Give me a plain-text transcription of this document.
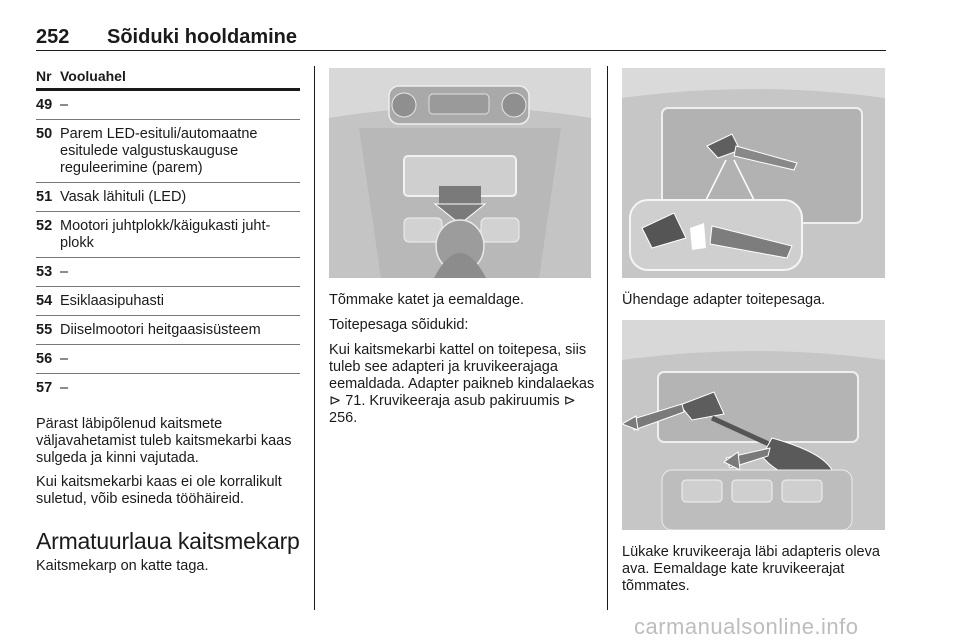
252 Sõiduki hooldamine
Nr Vooluahel
49 –
50 Parem LED-esituli/automaatne esitulede valgustuskauguse reguleerimine (parem)
51 Vasak lähituli (LED)
52 Mootori juhtplokk/käigukasti juht-plokk
53 –
54 Esiklaasipuhasti
55 Diiselmootori heitgaasisüsteem
56 –
57 –

Pärast läbipõlenud kaitsmete väljavahetamist tuleb kaitsmekarbi kaas sulgeda ja kinni vajutada.

Kui kaitsmekarbi kaas ei ole korralikult suletud, võib esineda tööhäireid.

Armatuurlaua kaitsmekarp

Kaitsmekarp on katte taga.

Tõmmake katet ja eemaldage.
Toitepesaga sõidukid:
Kui kaitsmekarbi kattel on toitepesa, siis tuleb see adapteri ja kruvikeerajaga eemaldada. Adapter paikneb kindalaekas ⊳ 71. Kruvikeeraja asub pakiruumis ⊳ 256.
Ühendage adapter toitepesaga.
Lükake kruvikeeraja läbi adapteris oleva ava. Eemaldage kate kruvikeerajat tõmmates.
carmanualsonline.info
